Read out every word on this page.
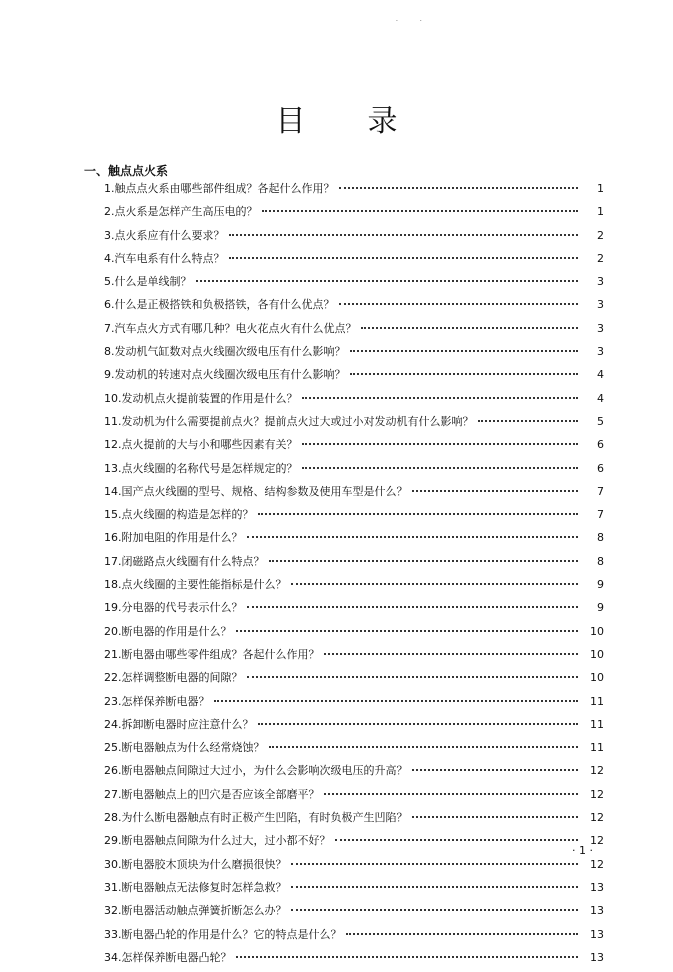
· ·
目录
一、触点点火系
1. 触点点火系由哪些部件组成？各起什么作用？	1
2. 点火系是怎样产生高压电的？	1
3. 点火系应有什么要求？	2
4. 汽车电系有什么特点？	2
5. 什么是单线制？	3
6. 什么是正极搭铁和负极搭铁，各有什么优点？	3
7. 汽车点火方式有哪几种？电火花点火有什么优点？	3
8. 发动机气缸数对点火线圈次级电压有什么影响？	3
9. 发动机的转速对点火线圈次级电压有什么影响？	4
10. 发动机点火提前装置的作用是什么？	4
11. 发动机为什么需要提前点火？提前点火过大或过小对发动机有什么影响？	5
12. 点火提前的大与小和哪些因素有关？	6
13. 点火线圈的名称代号是怎样规定的？	6
14. 国产点火线圈的型号、规格、结构参数及使用车型是什么？	7
15. 点火线圈的构造是怎样的？	7
16. 附加电阻的作用是什么？	8
17. 闭磁路点火线圈有什么特点？	8
18. 点火线圈的主要性能指标是什么？	9
19. 分电器的代号表示什么？	9
20. 断电器的作用是什么？	10
21. 断电器由哪些零件组成？各起什么作用？	10
22. 怎样调整断电器的间隙？	10
23. 怎样保养断电器？	11
24. 拆卸断电器时应注意什么？	11
25. 断电器触点为什么经常烧蚀？	11
26. 断电器触点间隙过大过小，为什么会影响次级电压的升高？	12
27. 断电器触点上的凹穴是否应该全部磨平？	12
28. 为什么断电器触点有时正极产生凹陷，有时负极产生凹陷？	12
29. 断电器触点间隙为什么过大，过小都不好？	12
30. 断电器胶木顶块为什么磨损很快？	12
31. 断电器触点无法修复时怎样急救？	13
32. 断电器活动触点弹簧折断怎么办？	13
33. 断电器凸轮的作用是什么？它的特点是什么？	13
34. 怎样保养断电器凸轮？	13
· 1 ·
